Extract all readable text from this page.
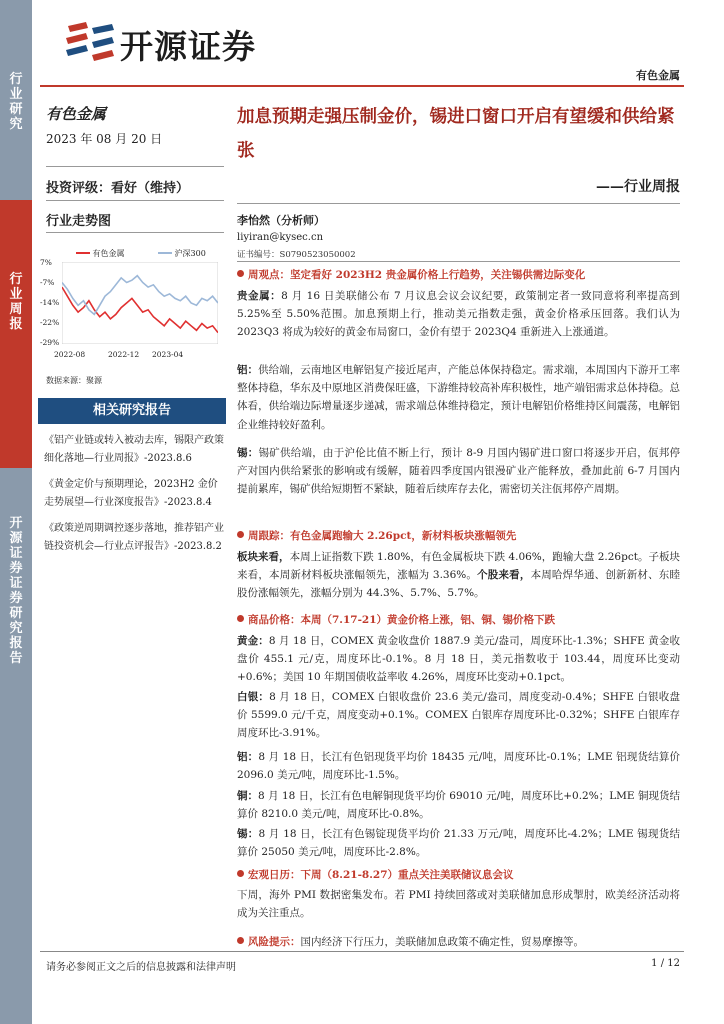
行
业
研
究
行
业
周
报
开
源
证
券
证
券
研
究
报
告
开源证券
有色金属
有色金属
2023 年 08 月 20 日
投资评级：看好（维持）
行业走势图
有色金属	沪深300
7%
-7%
-14%
-22%
-29%
2022-08	2022-12 2023-04
数据来源：聚源
相关研究报告
《铝产业链或转入被动去库，锡限产政策细化落地—行业周报》-2023.8.6
《黄金定价与预期理论，2023H2 金价走势展望—行业深度报告》-2023.8.4
《政策逆周期调控逐步落地，推荐铝产业链投资机会—行业点评报告》-2023.8.2
加息预期走强压制金价，锡进口窗口开启有望缓和供给紧张
——行业周报
李怡然（分析师）
liyiran@kysec.cn
证书编号：S0790523050002
周观点：坚定看好 2023H2 贵金属价格上行趋势，关注锡供需边际变化

贵金属：8 月 16 日美联储公布 7 月议息会议会议纪要，政策制定者一致同意将利率提高到 5.25%至 5.50%范围。加息预期上行，推动美元指数走强，黄金价格承压回落。我们认为 2023Q3 将成为较好的黄金布局窗口，金价有望于 2023Q4 重新进入上涨通道。

铝：供给端，云南地区电解铝复产接近尾声，产能总体保持稳定。需求端，本周国内下游开工率整体持稳，华东及中原地区消费保旺盛，下游维持较高补库积极性，地产端铝需求总体持稳。总体看，供给端边际增量逐步递减，需求端总体维持稳定，预计电解铝价格维持区间震荡，电解铝企业维持较好盈利。

锡：锡矿供给端，由于沪伦比值不断上行，预计 8-9 月国内锡矿进口窗口将逐步开启，佤邦停产对国内供给紧张的影响或有缓解，随着四季度国内银漫矿业产能释放，叠加此前 6-7 月国内提前累库，锡矿供给短期暂不紧缺，随着后续库存去化，需密切关注佤邦停产周期。

周跟踪：有色金属跑输大 2.26pct，新材料板块涨幅领先

板块来看，本周上证指数下跌 1.80%，有色金属板块下跌 4.06%，跑输大盘 2.26pct。子板块来看，本周新材料板块涨幅领先，涨幅为 3.36%。个股来看，本周哈焊华通、创新新材、东睦股份涨幅领先，涨幅分别为 44.3%、5.7%、5.7%。

商品价格：本周（7.17-21）黄金价格上涨，铝、铜、锡价格下跌

黄金：8 月 18 日，COMEX 黄金收盘价 1887.9 美元/盎司，周度环比-1.3%；SHFE 黄金收盘价 455.1 元/克，周度环比-0.1%。8 月 18 日，美元指数收于 103.44，周度环比变动+0.6%；美国 10 年期国债收益率收 4.26%，周度环比变动+0.1pct。

白银：8 月 18 日，COMEX 白银收盘价 23.6 美元/盎司，周度变动-0.4%；SHFE 白银收盘价 5599.0 元/千克，周度变动+0.1%。COMEX 白银库存周度环比-0.32%；SHFE 白银库存周度环比-3.91%。

铝：8 月 18 日，长江有色铝现货平均价 18435 元/吨，周度环比-0.1%；LME 铝现货结算价 2096.0 美元/吨，周度环比-1.5%。

铜：8 月 18 日，长江有色电解铜现货平均价 69010 元/吨，周度环比+0.2%；LME 铜现货结算价 8210.0 美元/吨，周度环比-0.8%。

锡：8 月 18 日，长江有色锡锭现货平均价 21.33 万元/吨，周度环比-4.2%；LME 锡现货结算价 25050 美元/吨，周度环比-2.8%。

宏观日历：下周（8.21-8.27）重点关注美联储议息会议

下周，海外 PMI 数据密集发布。若 PMI 持续回落或对美联储加息形成掣肘，欧美经济活动将成为关注重点。

风险提示：国内经济下行压力，美联储加息政策不确定性，贸易摩擦等。

请务必参阅正文之后的信息披露和法律声明	1 / 12
